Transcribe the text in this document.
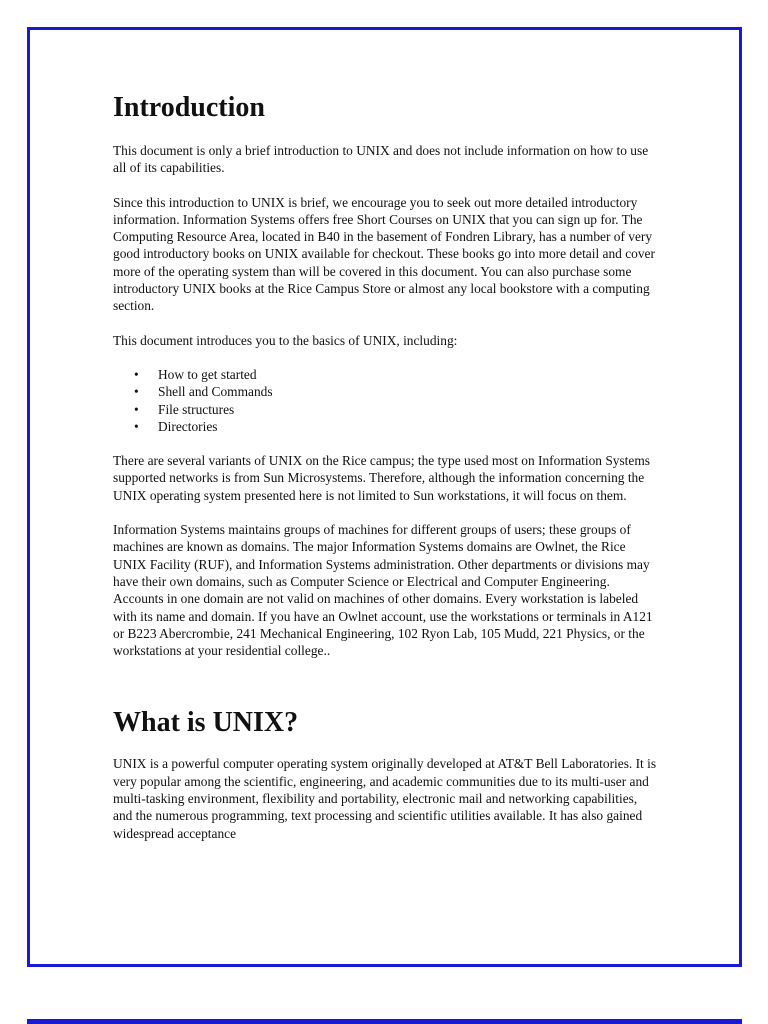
Introduction

This document is only a brief introduction to UNIX and does not include information on how to use all of its capabilities.

Since this introduction to UNIX is brief, we encourage you to seek out more detailed introductory information. Information Systems offers free Short Courses on UNIX that you can sign up for. The Computing Resource Area, located in B40 in the basement of Fondren Library, has a number of very good introductory books on UNIX available for checkout. These books go into more detail and cover more of the operating system than will be covered in this document. You can also purchase some introductory UNIX books at the Rice Campus Store or almost any local bookstore with a computing section.

This document introduces you to the basics of UNIX, including:

• How to get started
• Shell and Commands
• File structures
• Directories

There are several variants of UNIX on the Rice campus; the type used most on Information Systems supported networks is from Sun Microsystems. Therefore, although the information concerning the UNIX operating system presented here is not limited to Sun workstations, it will focus on them.

Information Systems maintains groups of machines for different groups of users; these groups of machines are known as domains. The major Information Systems domains are Owlnet, the Rice UNIX Facility (RUF), and Information Systems administration. Other departments or divisions may have their own domains, such as Computer Science or Electrical and Computer Engineering. Accounts in one domain are not valid on machines of other domains. Every workstation is labeled with its name and domain. If you have an Owlnet account, use the workstations or terminals in A121 or B223 Abercrombie, 241 Mechanical Engineering, 102 Ryon Lab, 105 Mudd, 221 Physics, or the workstations at your residential college..

What is UNIX?

UNIX is a powerful computer operating system originally developed at AT&T Bell Laboratories. It is very popular among the scientific, engineering, and academic communities due to its multi-user and multi-tasking environment, flexibility and portability, electronic mail and networking capabilities, and the numerous programming, text processing and scientific utilities available. It has also gained widespread acceptance
